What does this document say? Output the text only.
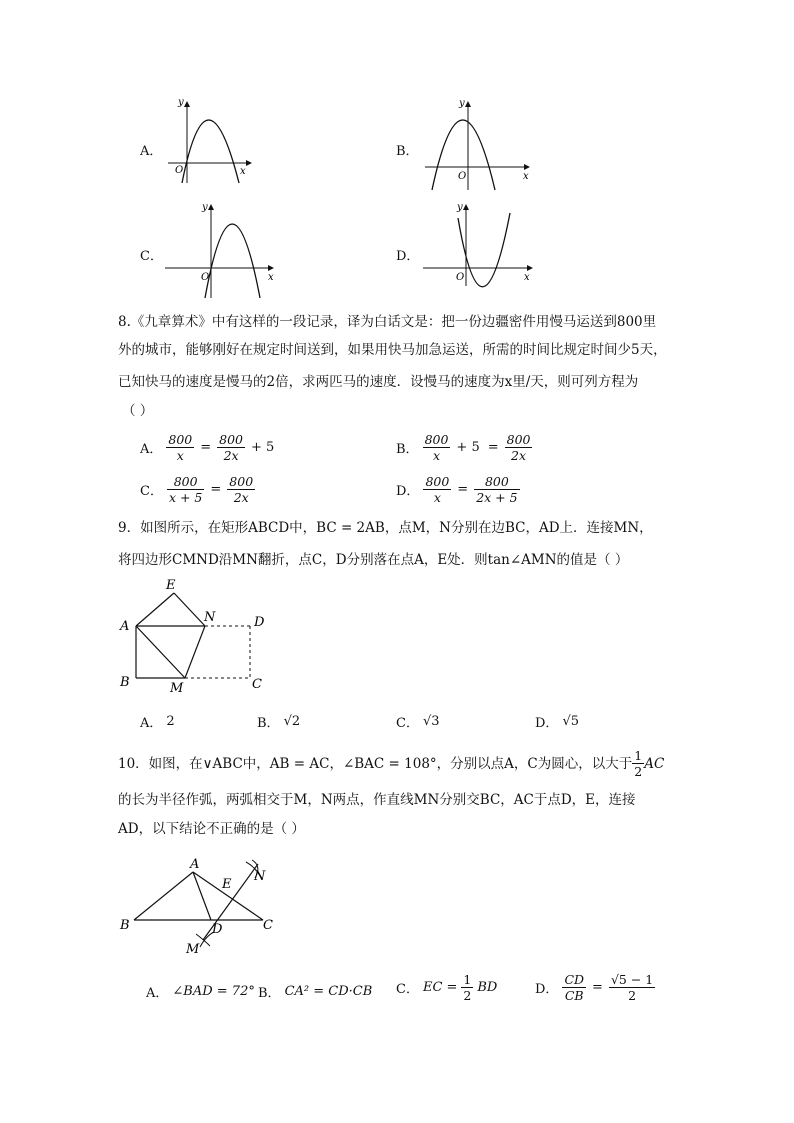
A．
y
x
O
B．
y
x
O
C．
y
x
O
D．
y
x
O
8.《九章算术》中有这样的一段记录，译为白话文是：把一份边疆密件用慢马运送到800里
外的城市，能够刚好在规定时间送到，如果用快马加急运送，所需的时间比规定时间少5天，
已知快马的速度是慢马的2倍，求两匹马的速度．设慢马的速度为x里/天，则可列方程为
（ ）
A． $\frac{800}{x} = \frac{800}{2x} + 5$	B． $\frac{800}{x} + 5 = \frac{800}{2x}$
C． $\frac{800}{x + 5} = \frac{800}{2x}$	D． $\frac{800}{x} = \frac{800}{2x + 5}$
9．如图所示，在矩形ABCD中，BC = 2AB，点M，N分别在边BC，AD上．连接MN，
将四边形CMND沿MN翻折，点C，D分别落在点A，E处．则tan∠AMN的值是（ ）
E
N
A	D
B	M	C
A． 2	B． √2	C． √3	D． √5
10．如图，在∨ABC中，AB = AC，∠BAC = 108°，分别以点A，C为圆心，以大于 $\frac{1}{2}$ AC
的长为半径作弧，两弧相交于M，N两点，作直线MN分别交BC，AC于点D，E，连接
AD，以下结论不正确的是（ ）
A
N
E
B	D	C
M
A． ∠BAD = 72° B． CA² = CD·CB C． EC = $\frac{1}{2}$ BD	D． $\frac{CD}{CB} = \frac{√5 - 1}{2}$
